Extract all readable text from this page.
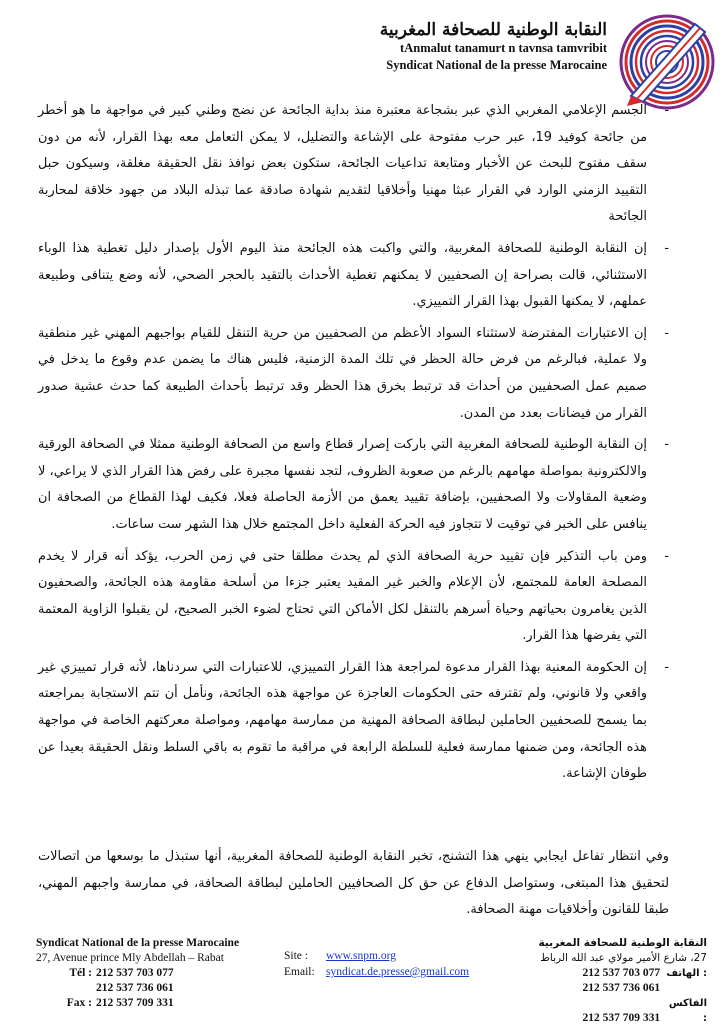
النقابة الوطنية للصحافة المغربية
tAnmalut tanamurt n tavnsa tamvribit
Syndicat National de la presse Marocaine

-
الجسم الإعلامي المغربي الذي عبر بشجاعة معتبرة منذ بداية الجائحة عن نضج وطني كبير في مواجهة ما هو أخطر من جائحة كوفيد 19، عبر حرب مفتوحة على الإشاعة والتضليل، لا يمكن التعامل معه بهذا القرار، لأنه من دون سقف مفتوح للبحث عن الأخبار ومتابعة تداعيات الجائحة، ستكون بعض نوافذ نقل الحقيقة مغلقة، وسيكون حبل التقييد الزمني الوارد في القرار عبثا مهنيا وأخلاقيا لتقديم شهادة صادقة عما تبذله البلاد من جهود خلاقة لمحاربة الجائحة

-
إن النقابة الوطنية للصحافة المغربية، والتي واكبت هذه الجائحة منذ اليوم الأول بإصدار دليل تغطية هذا الوباء الاستثنائي، قالت بصراحة إن الصحفيين لا يمكنهم تغطية الأحداث بالتقيد بالحجر الصحي، لأنه وضع يتنافى وطبيعة عملهم، لا يمكنها القبول بهذا القرار التمييزي.

-
إن الاعتبارات المفترضة لاستثناء السواد الأعظم من الصحفيين من حرية التنقل للقيام بواجبهم المهني غير منطقية ولا عملية، فبالرغم من فرض حالة الحظر في تلك المدة الزمنية، فليس هناك ما يضمن عدم وقوع ما يدخل في صميم عمل الصحفيين من أحداث قد ترتبط بخرق هذا الحظر وقد ترتبط بأحداث الطبيعة كما حدث عشية صدور القرار من فيضانات بعدد من المدن.

-
إن النقابة الوطنية للصحافة المغربية التي باركت إصرار قطاع واسع من الصحافة الوطنية ممثلا في الصحافة الورقية والالكترونية بمواصلة مهامهم بالرغم من صعوبة الظروف، لتجد نفسها مجبرة على رفض هذا القرار الذي لا يراعي، لا وضعية المقاولات ولا الصحفيين، بإضافة تقييد يعمق من الأزمة الحاصلة فعلا، فكيف لهذا القطاع من الصحافة ان ينافس على الخبر في توقيت لا تتجاوز فيه الحركة الفعلية داخل المجتمع خلال هذا الشهر ست ساعات.

-
ومن باب التذكير فإن تقييد حرية الصحافة الذي لم يحدث مطلقا حتى في زمن الحرب، يؤكد أنه قرار لا يخدم المصلحة العامة للمجتمع، لأن الإعلام والخبر غير المقيد يعتبر جزءا من أسلحة مقاومة هذه الجائحة، والصحفيون الذين يغامرون بحياتهم وحياة أسرهم بالتنقل لكل الأماكن التي تحتاج لضوء الخبر الصحيح، لن يقبلوا الزاوية المعتمة التي يفرضها هذا القرار.

-
إن الحكومة المعنية بهذا القرار مدعوة لمراجعة هذا القرار التمييزي، للاعتبارات التي سردناها، لأنه قرار تمييزي غير واقعي ولا قانوني، ولم تقترفه حتى الحكومات العاجزة عن مواجهة هذه الجائحة، ونأمل أن تتم الاستجابة بمراجعته بما يسمح للصحفيين الحاملين لبطاقة الصحافة المهنية من ممارسة مهامهم، ومواصلة معركتهم الخاصة في مواجهة هذه الجائحة، ومن ضمنها ممارسة فعلية للسلطة الرابعة في مراقبة ما تقوم به باقي السلط ونقل الحقيقة بعيدا عن طوفان الإشاعة.

وفي انتظار تفاعل ايجابي ينهي هذا التشنج، تخبر النقابة الوطنية للصحافة المغربية، أنها ستبذل ما بوسعها من اتصالات لتحقيق هذا المبتغى، وستواصل الدفاع عن حق كل الصحافيين الحاملين لبطاقة الصحافة، في ممارسة واجبهم المهني، طبقا للقانون وأخلاقيات مهنة الصحافة.
Syndicat National de la presse Marocaine
27, Avenue prince Mly Abdellah – Rabat
Tél : 212 537 703 077
212 537 736 061
Fax : 212 537 709 331
Site : www.snpm.org
Email: syndicat.de.presse@gmail.com
النقابة الوطنية للصحافة المغربية
27، شارع الأمير مولاي عبد الله الرباط
212 537 703 077 الهاتف :
212 537 736 061
212 537 709 331 الفاكس :
